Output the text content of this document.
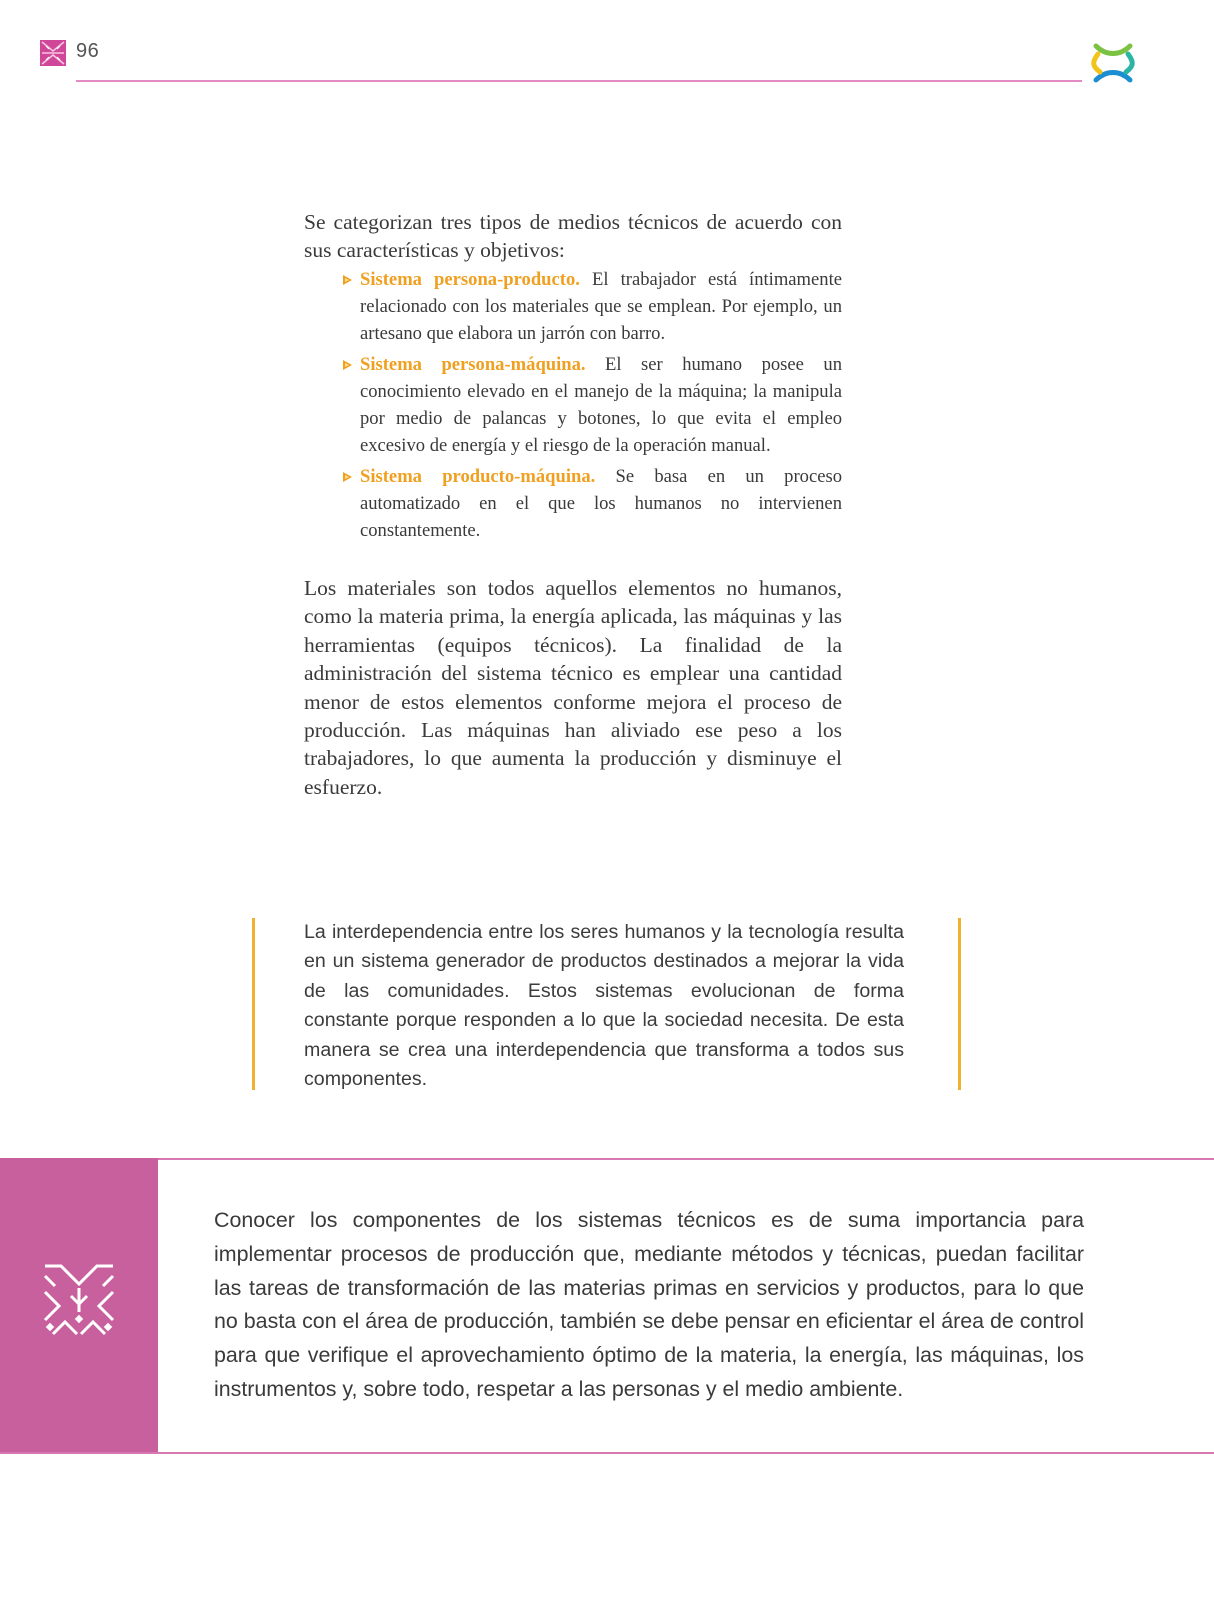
96

Se categorizan tres tipos de medios técnicos de acuerdo con sus características y objetivos:

Sistema persona-producto. El trabajador está íntimamente relacionado con los materiales que se emplean. Por ejemplo, un artesano que elabora un jarrón con barro.
Sistema persona-máquina. El ser humano posee un conocimiento elevado en el manejo de la máquina; la manipula por medio de palancas y botones, lo que evita el empleo excesivo de energía y el riesgo de la operación manual.
Sistema producto-máquina. Se basa en un proceso automatizado en el que los humanos no intervienen constantemente.

Los materiales son todos aquellos elementos no humanos, como la materia prima, la energía aplicada, las máquinas y las herramientas (equipos técnicos). La finalidad de la administración del sistema técnico es emplear una cantidad menor de estos elementos conforme mejora el proceso de producción. Las máquinas han aliviado ese peso a los trabajadores, lo que aumenta la producción y disminuye el esfuerzo.

La interdependencia entre los seres humanos y la tecnología resulta en un sistema generador de productos destinados a mejorar la vida de las comunidades. Estos sistemas evolucionan de forma constante porque responden a lo que la sociedad necesita. De esta manera se crea una interdependencia que transforma a todos sus componentes.

Conocer los componentes de los sistemas técnicos es de suma importancia para implementar procesos de producción que, mediante métodos y técnicas, puedan facilitar las tareas de transformación de las materias primas en servicios y productos, para lo que no basta con el área de producción, también se debe pensar en eficientar el área de control para que verifique el aprovechamiento óptimo de la materia, la energía, las máquinas, los instrumentos y, sobre todo, respetar a las personas y el medio ambiente.
